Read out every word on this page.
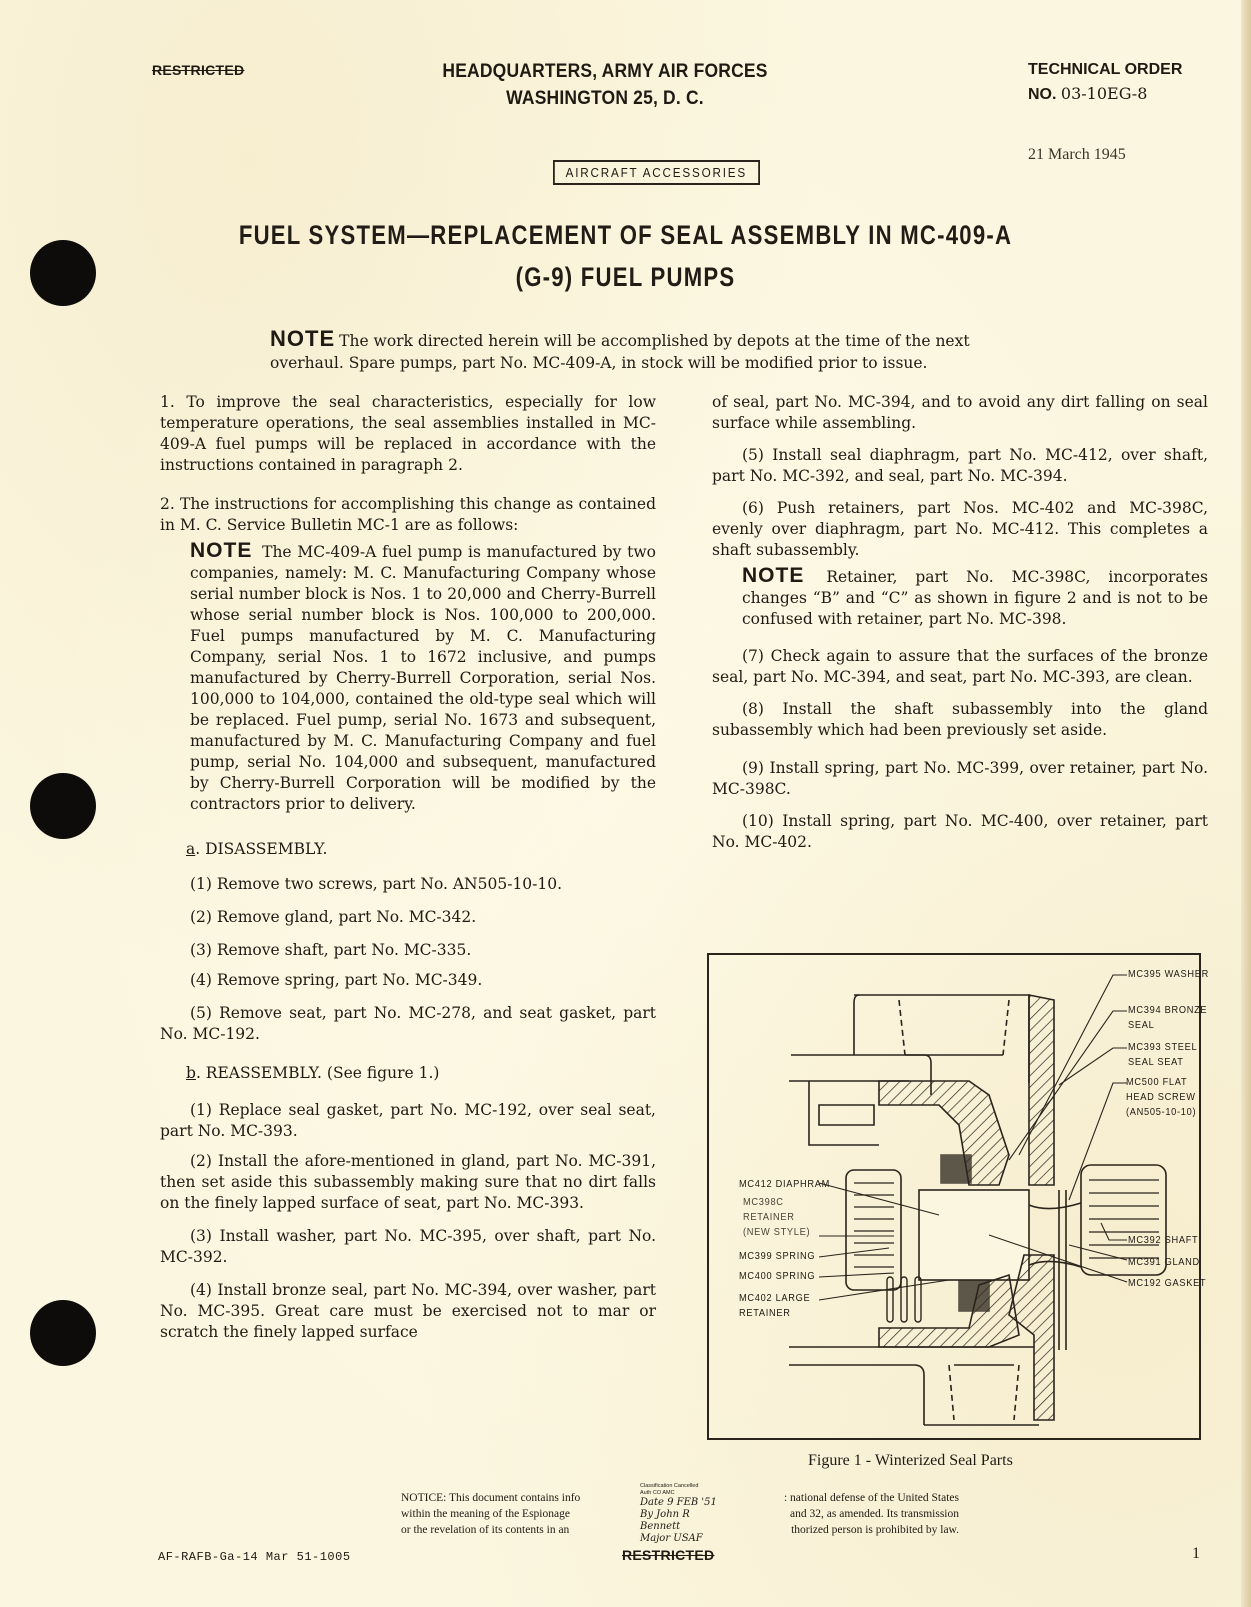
RESTRICTED	HEADQUARTERS, ARMY AIR FORCES
WASHINGTON 25, D. C.
TECHNICAL ORDER
NO. 03-10EG-8
21 March 1945
AIRCRAFT ACCESSORIES
FUEL SYSTEM—REPLACEMENT OF SEAL ASSEMBLY IN MC-409-A
(G-9) FUEL PUMPS
NOTE The work directed herein will be accomplished by depots at the time of the next
overhaul. Spare pumps, part No. MC-409-A, in stock will be modified prior to issue.

1. To improve the seal characteristics, especially for low temperature operations, the seal assemblies installed in MC-409-A fuel pumps will be replaced in accordance with the instructions contained in paragraph 2.

2. The instructions for accomplishing this change as contained in M. C. Service Bulletin MC-1 are as follows:

NOTE The MC-409-A fuel pump is manufactured by two companies, namely: M. C. Manufacturing Company whose serial number block is Nos. 1 to 20,000 and Cherry-Burrell whose serial number block is Nos. 100,000 to 200,000. Fuel pumps manufactured by M. C. Manufacturing Company, serial Nos. 1 to 1672 inclusive, and pumps manufactured by Cherry-Burrell Corporation, serial Nos. 100,000 to 104,000, contained the old-type seal which will be replaced. Fuel pump, serial No. 1673 and subsequent, manufactured by M. C. Manufacturing Company and fuel pump, serial No. 104,000 and subsequent, manufactured by Cherry-Burrell Corporation will be modified by the contractors prior to delivery.

a. DISASSEMBLY.

(1) Remove two screws, part No. AN505-10-10.

(2) Remove gland, part No. MC-342.

(3) Remove shaft, part No. MC-335.

(4) Remove spring, part No. MC-349.

(5) Remove seat, part No. MC-278, and seat gasket, part No. MC-192.

b. REASSEMBLY. (See figure 1.)

(1) Replace seal gasket, part No. MC-192, over seal seat, part No. MC-393.

(2) Install the afore-mentioned in gland, part No. MC-391, then set aside this subassembly making sure that no dirt falls on the finely lapped surface of seat, part No. MC-393.

(3) Install washer, part No. MC-395, over shaft, part No. MC-392.

(4) Install bronze seal, part No. MC-394, over washer, part No. MC-395. Great care must be exercised not to mar or scratch the finely lapped surface

of seal, part No. MC-394, and to avoid any dirt falling on seal surface while assembling.

(5) Install seal diaphragm, part No. MC-412, over shaft, part No. MC-392, and seal, part No. MC-394.

(6) Push retainers, part Nos. MC-402 and MC-398C, evenly over diaphragm, part No. MC-412. This completes a shaft subassembly.

NOTE Retainer, part No. MC-398C, incorporates changes “B” and “C” as shown in figure 2 and is not to be confused with retainer, part No. MC-398.

(7) Check again to assure that the surfaces of the bronze seal, part No. MC-394, and seat, part No. MC-393, are clean.

(8) Install the shaft subassembly into the gland subassembly which had been previously set aside.

(9) Install spring, part No. MC-399, over retainer, part No. MC-398C.

(10) Install spring, part No. MC-400, over retainer, part No. MC-402.

MC395 WASHER
MC394 BRONZE
SEAL
MC393 STEEL
SEAL SEAT
MC500 FLAT
HEAD SCREW
(AN505-10-10)
MC392 SHAFT
MC391 GLAND
MC192 GASKET
MC412 DIAPHRAM
MC398C
RETAINER
(NEW STYLE)
MC399 SPRING
MC400 SPRING
MC402 LARGE
RETAINER
Figure 1 - Winterized Seal Parts
NOTICE: This document contains info
within the meaning of the Espionage
or the revelation of its contents in an
Classification Cancelled
Auth CO AMC
Date 9 FEB '51
By John R Bennett
Major USAF
: national defense of the United States
and 32, as amended. Its transmission
thorized person is prohibited by law.
AF-RAFB-Ga-14 Mar 51-1005	RESTRICTED	1
